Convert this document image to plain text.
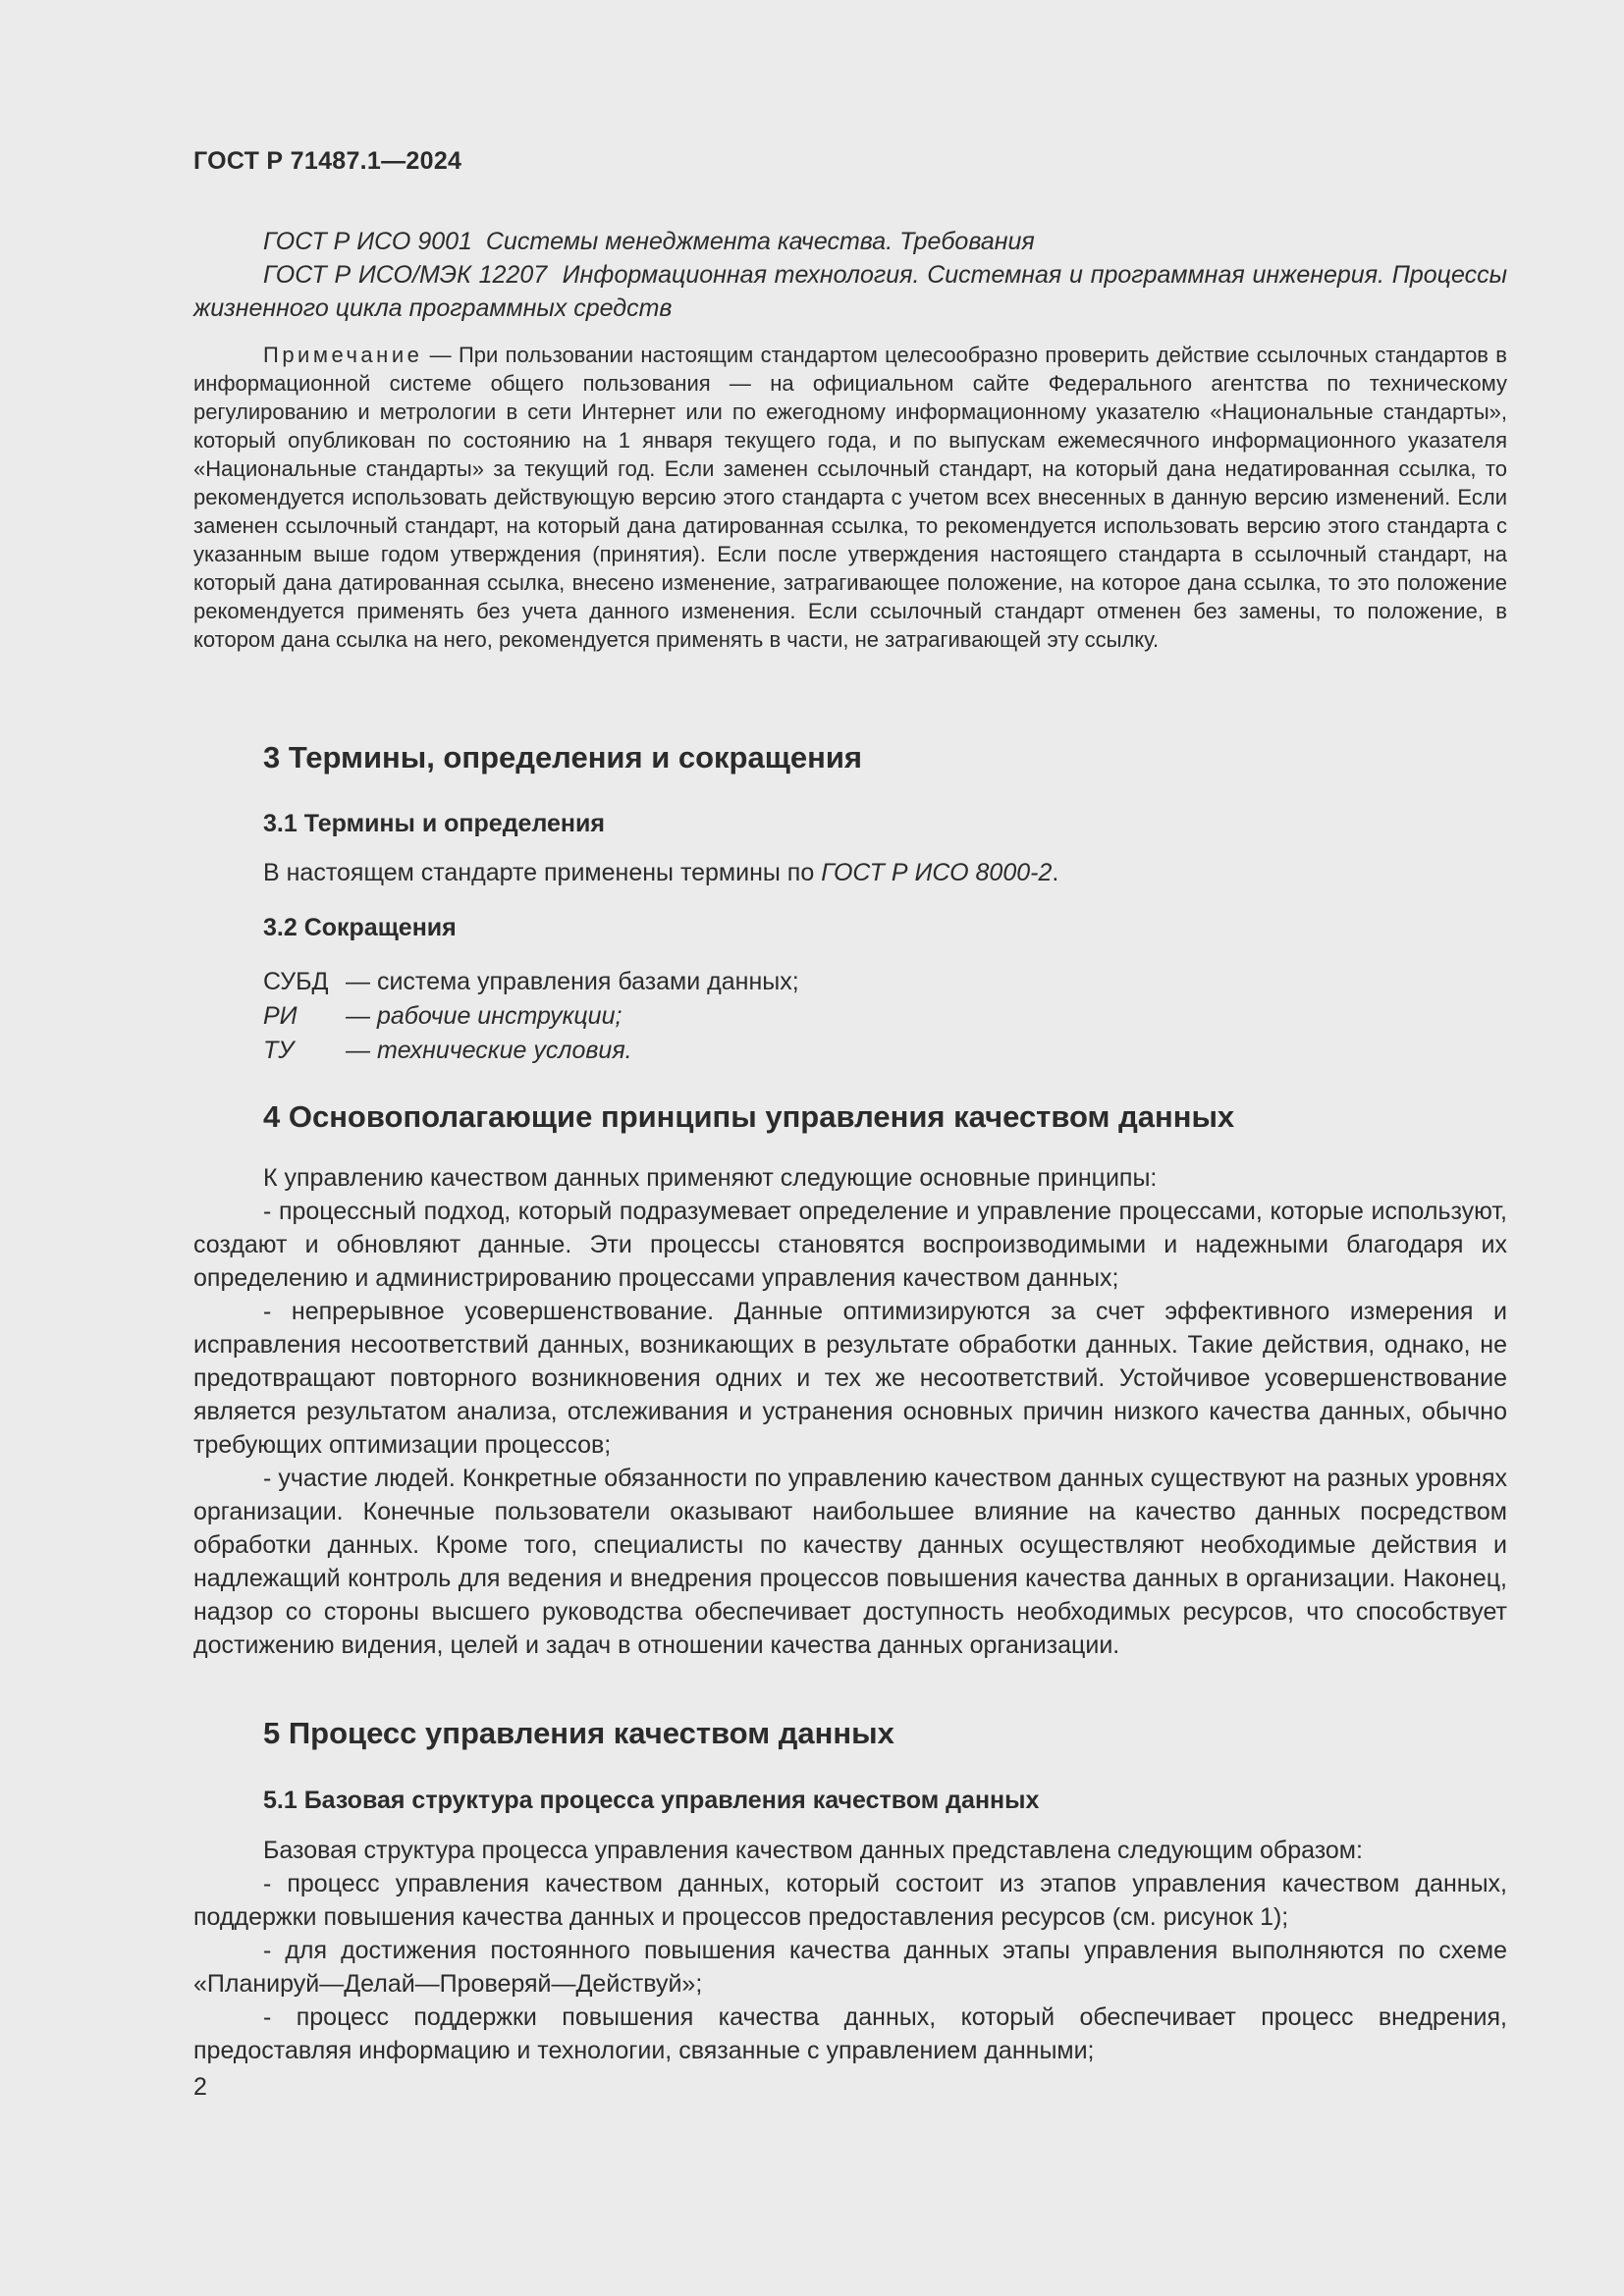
ГОСТ Р 71487.1—2024

ГОСТ Р ИСО 9001 Системы менеджмента качества. Требования

ГОСТ Р ИСО/МЭК 12207 Информационная технология. Системная и программная инженерия. Процессы жизненного цикла программных средств

Примечание — При пользовании настоящим стандартом целесообразно проверить действие ссылочных стандартов в информационной системе общего пользования — на официальном сайте Федерального агентства по техническому регулированию и метрологии в сети Интернет или по ежегодному информационному указателю «Национальные стандарты», который опубликован по состоянию на 1 января текущего года, и по выпускам ежемесячного информационного указателя «Национальные стандарты» за текущий год. Если заменен ссылочный стандарт, на который дана недатированная ссылка, то рекомендуется использовать действующую версию этого стандарта с учетом всех внесенных в данную версию изменений. Если заменен ссылочный стандарт, на который дана датированная ссылка, то рекомендуется использовать версию этого стандарта с указанным выше годом утверждения (принятия). Если после утверждения настоящего стандарта в ссылочный стандарт, на который дана датированная ссылка, внесено изменение, затрагивающее положение, на которое дана ссылка, то это положение рекомендуется применять без учета данного изменения. Если ссылочный стандарт отменен без замены, то положение, в котором дана ссылка на него, рекомендуется применять в части, не затрагивающей эту ссылку.

3 Термины, определения и сокращения
3.1 Термины и определения

В настоящем стандарте применены термины по ГОСТ Р ИСО 8000-2.

3.2 Сокращения
СУБД — система управления базами данных;
РИ	— рабочие инструкции;
ТУ	— технические условия.
4 Основополагающие принципы управления качеством данных

К управлению качеством данных применяют следующие основные принципы:

- процессный подход, который подразумевает определение и управление процессами, которые используют, создают и обновляют данные. Эти процессы становятся воспроизводимыми и надежными благодаря их определению и администрированию процессами управления качеством данных;

- непрерывное усовершенствование. Данные оптимизируются за счет эффективного измерения и исправления несоответствий данных, возникающих в результате обработки данных. Такие действия, однако, не предотвращают повторного возникновения одних и тех же несоответствий. Устойчивое усовершенствование является результатом анализа, отслеживания и устранения основных причин низкого качества данных, обычно требующих оптимизации процессов;

- участие людей. Конкретные обязанности по управлению качеством данных существуют на разных уровнях организации. Конечные пользователи оказывают наибольшее влияние на качество данных посредством обработки данных. Кроме того, специалисты по качеству данных осуществляют необходимые действия и надлежащий контроль для ведения и внедрения процессов повышения качества данных в организации. Наконец, надзор со стороны высшего руководства обеспечивает доступность необходимых ресурсов, что способствует достижению видения, целей и задач в отношении качества данных организации.

5 Процесс управления качеством данных
5.1 Базовая структура процесса управления качеством данных

Базовая структура процесса управления качеством данных представлена следующим образом:

- процесс управления качеством данных, который состоит из этапов управления качеством данных, поддержки повышения качества данных и процессов предоставления ресурсов (см. рисунок 1);

- для достижения постоянного повышения качества данных этапы управления выполняются по схеме «Планируй—Делай—Проверяй—Действуй»;

- процесс поддержки повышения качества данных, который обеспечивает процесс внедрения, предоставляя информацию и технологии, связанные с управлением данными;

2
